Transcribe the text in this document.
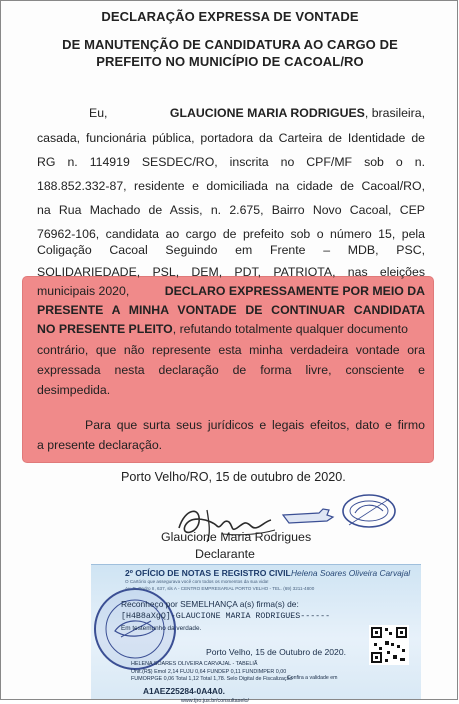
DECLARAÇÃO EXPRESSA DE VONTADE
DE MANUTENÇÃO DE CANDIDATURA AO CARGO DE
PREFEITO NO MUNICÍPIO DE CACOAL/RO
Eu,	GLAUCIONE MARIA RODRIGUES, brasileira,
casada, funcionária pública, portadora da Carteira de Identidade de
RG n. 114919 SESDEC/RO, inscrita no CPF/MF sob o n.
188.852.332-87, residente e domiciliada na cidade de Cacoal/RO,
na Rua Machado de Assis, n. 2.675, Bairro Novo Cacoal, CEP
76962-106, candidata ao cargo de prefeito sob o número 15, pela
Coligação Cacoal Seguindo em Frente – MDB, PSC,
SOLIDARIEDADE, PSL, DEM, PDT, PATRIOTA, nas eleições
municipais 2020,	DECLARO EXPRESSAMENTE POR MEIO DA
PRESENTE A MINHA VONTADE DE CONTINUAR CANDIDATA
NO PRESENTE PLEITO, refutando totalmente qualquer documento
contrário, que não represente esta minha verdadeira vontade ora
expressada nesta declaração de forma livre, consciente e
desimpedida.
Para que surta seus jurídicos e legais efeitos, dato e firmo
a presente declaração.
Porto Velho/RO, 15 de outubro de 2020.
Glaucione Maria Rodrigues
Declarante
2º OFÍCIO DE NOTAS E REGISTRO CIVIL Helena Soares Oliveira Carvajal
O Cartório que assegurava você com todos os momentos da sua vida!
Av. D. Pedro II, 637, sls A - CENTRO EMPRESARIAL PORTO VELHO - TEL. (69) 3211-4800
Reconheço por SEMELHANÇA a(s) firma(s) de:
[H4B8aXgQ]-GLAUCIONE MARIA RODRIGUES------
Em testemunho da verdade.
Porto Velho, 15 de Outubro de 2020.
HELENA SOARES OLIVEIRA CARVAJAL - TABELIÃ
Unit.(R$) Emol 2,14 FUJU 0,64 FUNDEP 0,11 FUNDIMPER 0,00
FUMORPGE 0,06 Total 1,12 Total 1,78. Selo Digital de Fiscalização
A1AEZ25284-0A4A0.
Confira a validade em
www.tjro.jus.br/consultaselo/
